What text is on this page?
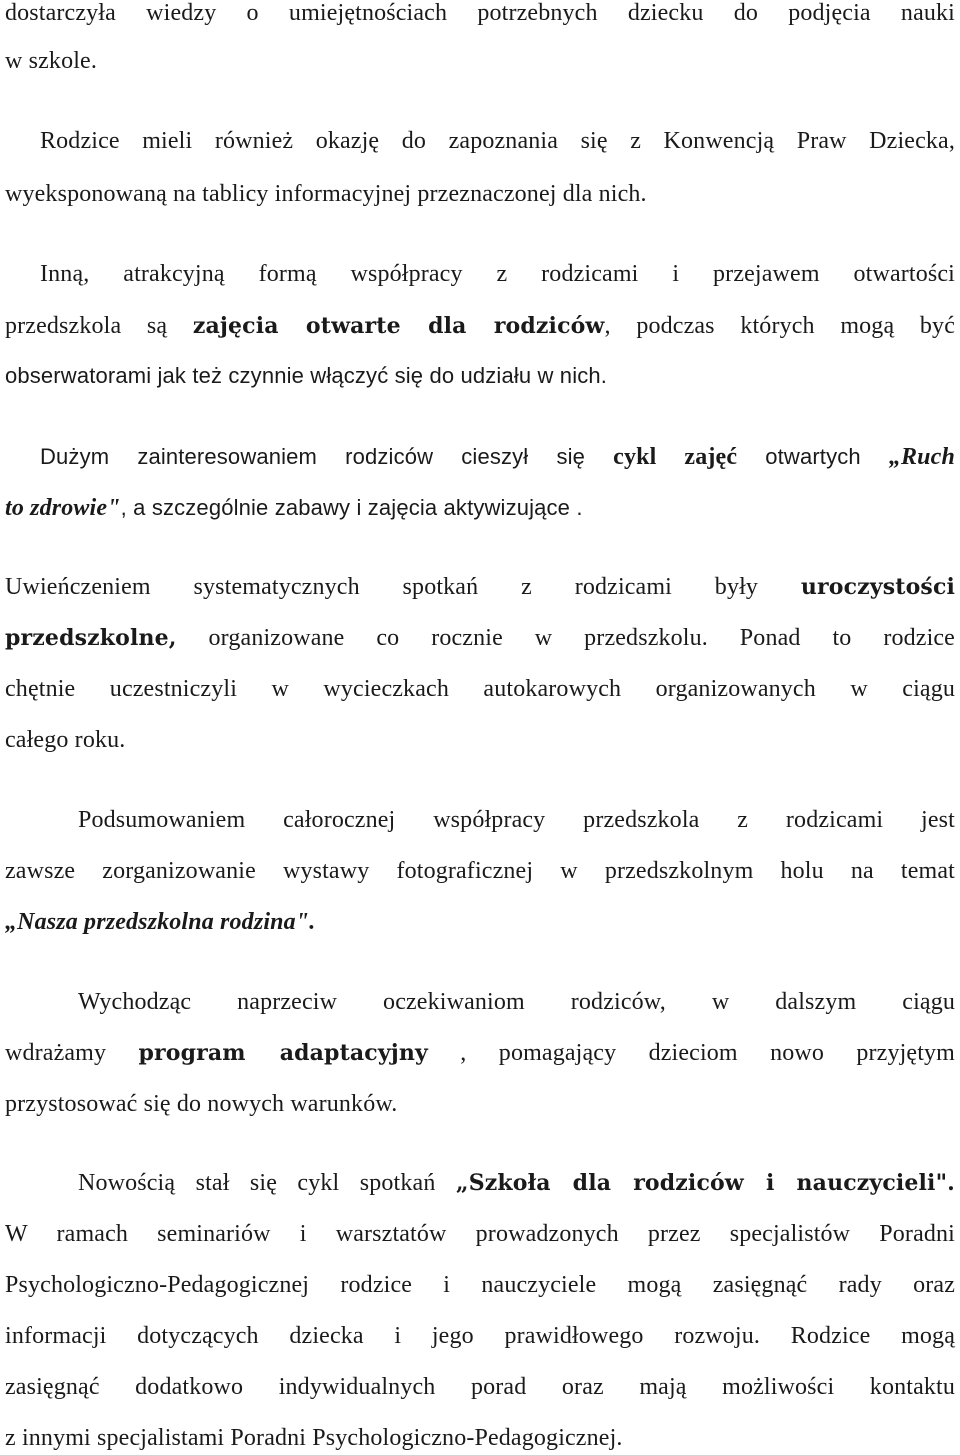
dostarczyła wiedzy o umiejętnościach potrzebnych dziecku do podjęcia nauki
w szkole.
Rodzice mieli również okazję do zapoznania się z Konwencją Praw Dziecka,
wyeksponowaną na tablicy informacyjnej przeznaczonej dla nich.
Inną, atrakcyjną formą współpracy z rodzicami i przejawem otwartości
przedszkola są zajęcia otwarte dla rodziców, podczas których mogą być
obserwatorami jak też czynnie włączyć się do udziału w nich.
Dużym zainteresowaniem rodziców cieszył się cykl zajęć otwartych „Ruch
to zdrowie", a szczególnie zabawy i zajęcia aktywizujące .
Uwieńczeniem systematycznych spotkań z rodzicami były uroczystości
przedszkolne, organizowane co rocznie w przedszkolu. Ponad to rodzice
chętnie uczestniczyli w wycieczkach autokarowych organizowanych w ciągu
całego roku.
Podsumowaniem całorocznej współpracy przedszkola z rodzicami jest
zawsze zorganizowanie wystawy fotograficznej w przedszkolnym holu na temat
„Nasza przedszkolna rodzina".
Wychodząc naprzeciw oczekiwaniom rodziców, w dalszym ciągu
wdrażamy program adaptacyjny , pomagający dzieciom nowo przyjętym
przystosować się do nowych warunków.
Nowością stał się cykl spotkań „Szkoła dla rodziców i nauczycieli".
W ramach seminariów i warsztatów prowadzonych przez specjalistów Poradni
Psychologiczno-Pedagogicznej rodzice i nauczyciele mogą zasięgnąć rady oraz
informacji dotyczących dziecka i jego prawidłowego rozwoju. Rodzice mogą
zasięgnąć dodatkowo indywidualnych porad oraz mają możliwości kontaktu
z innymi specjalistami Poradni Psychologiczno-Pedagogicznej.
